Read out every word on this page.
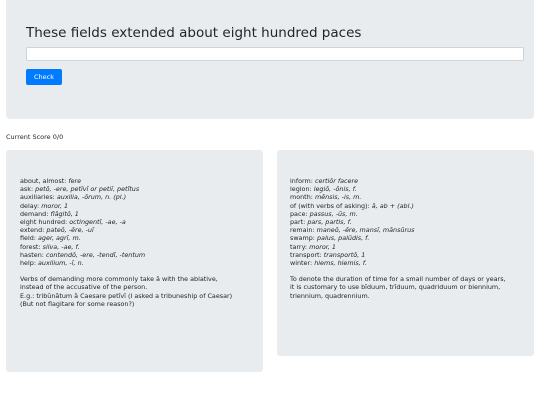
These fields extended about eight hundred paces
Check
Current Score 0/0
about, almost: fere
ask: petō, -ere, petīvī or petiī, petītus
auxiliaries: auxilia, -ōrum, n. (pl.)
delay: moror, 1
demand: flāgitō, 1
eight hundred: octingentī, -ae, -a
extend: pateō, -ēre, -uī
field: ager, agrī, m.
forest: silva, -ae, f.
hasten: contendō, -ere, -tendī, -tentum
help: auxilium, -ī, n.

Verbs of demanding more commonly take ā with the ablative,
instead of the accusative of the person.
E.g.: tribūnātum ā Caesare petīvī (I asked a tribuneship of Caesar)
(But not flagitare for some reason?)

inform: certiōr facere
legion: legiō, -ōnis, f.
month: mēnsis, -is, m.
of (with verbs of asking): ā, ab + (abl.)
pace: passus, -ūs, m.
part: pars, partis, f.
remain: maneō, -ēre, mansī, mānsūrus
swamp: palus, palūdis, f.
tarry: moror, 1
transport: transportō, 1
winter: hiems, hiemis, f.

To denote the duration of time for a small number of days or years,
it is customary to use bīduum, trīduum, quadriduum or biennium,
triennium, quadrennium.
